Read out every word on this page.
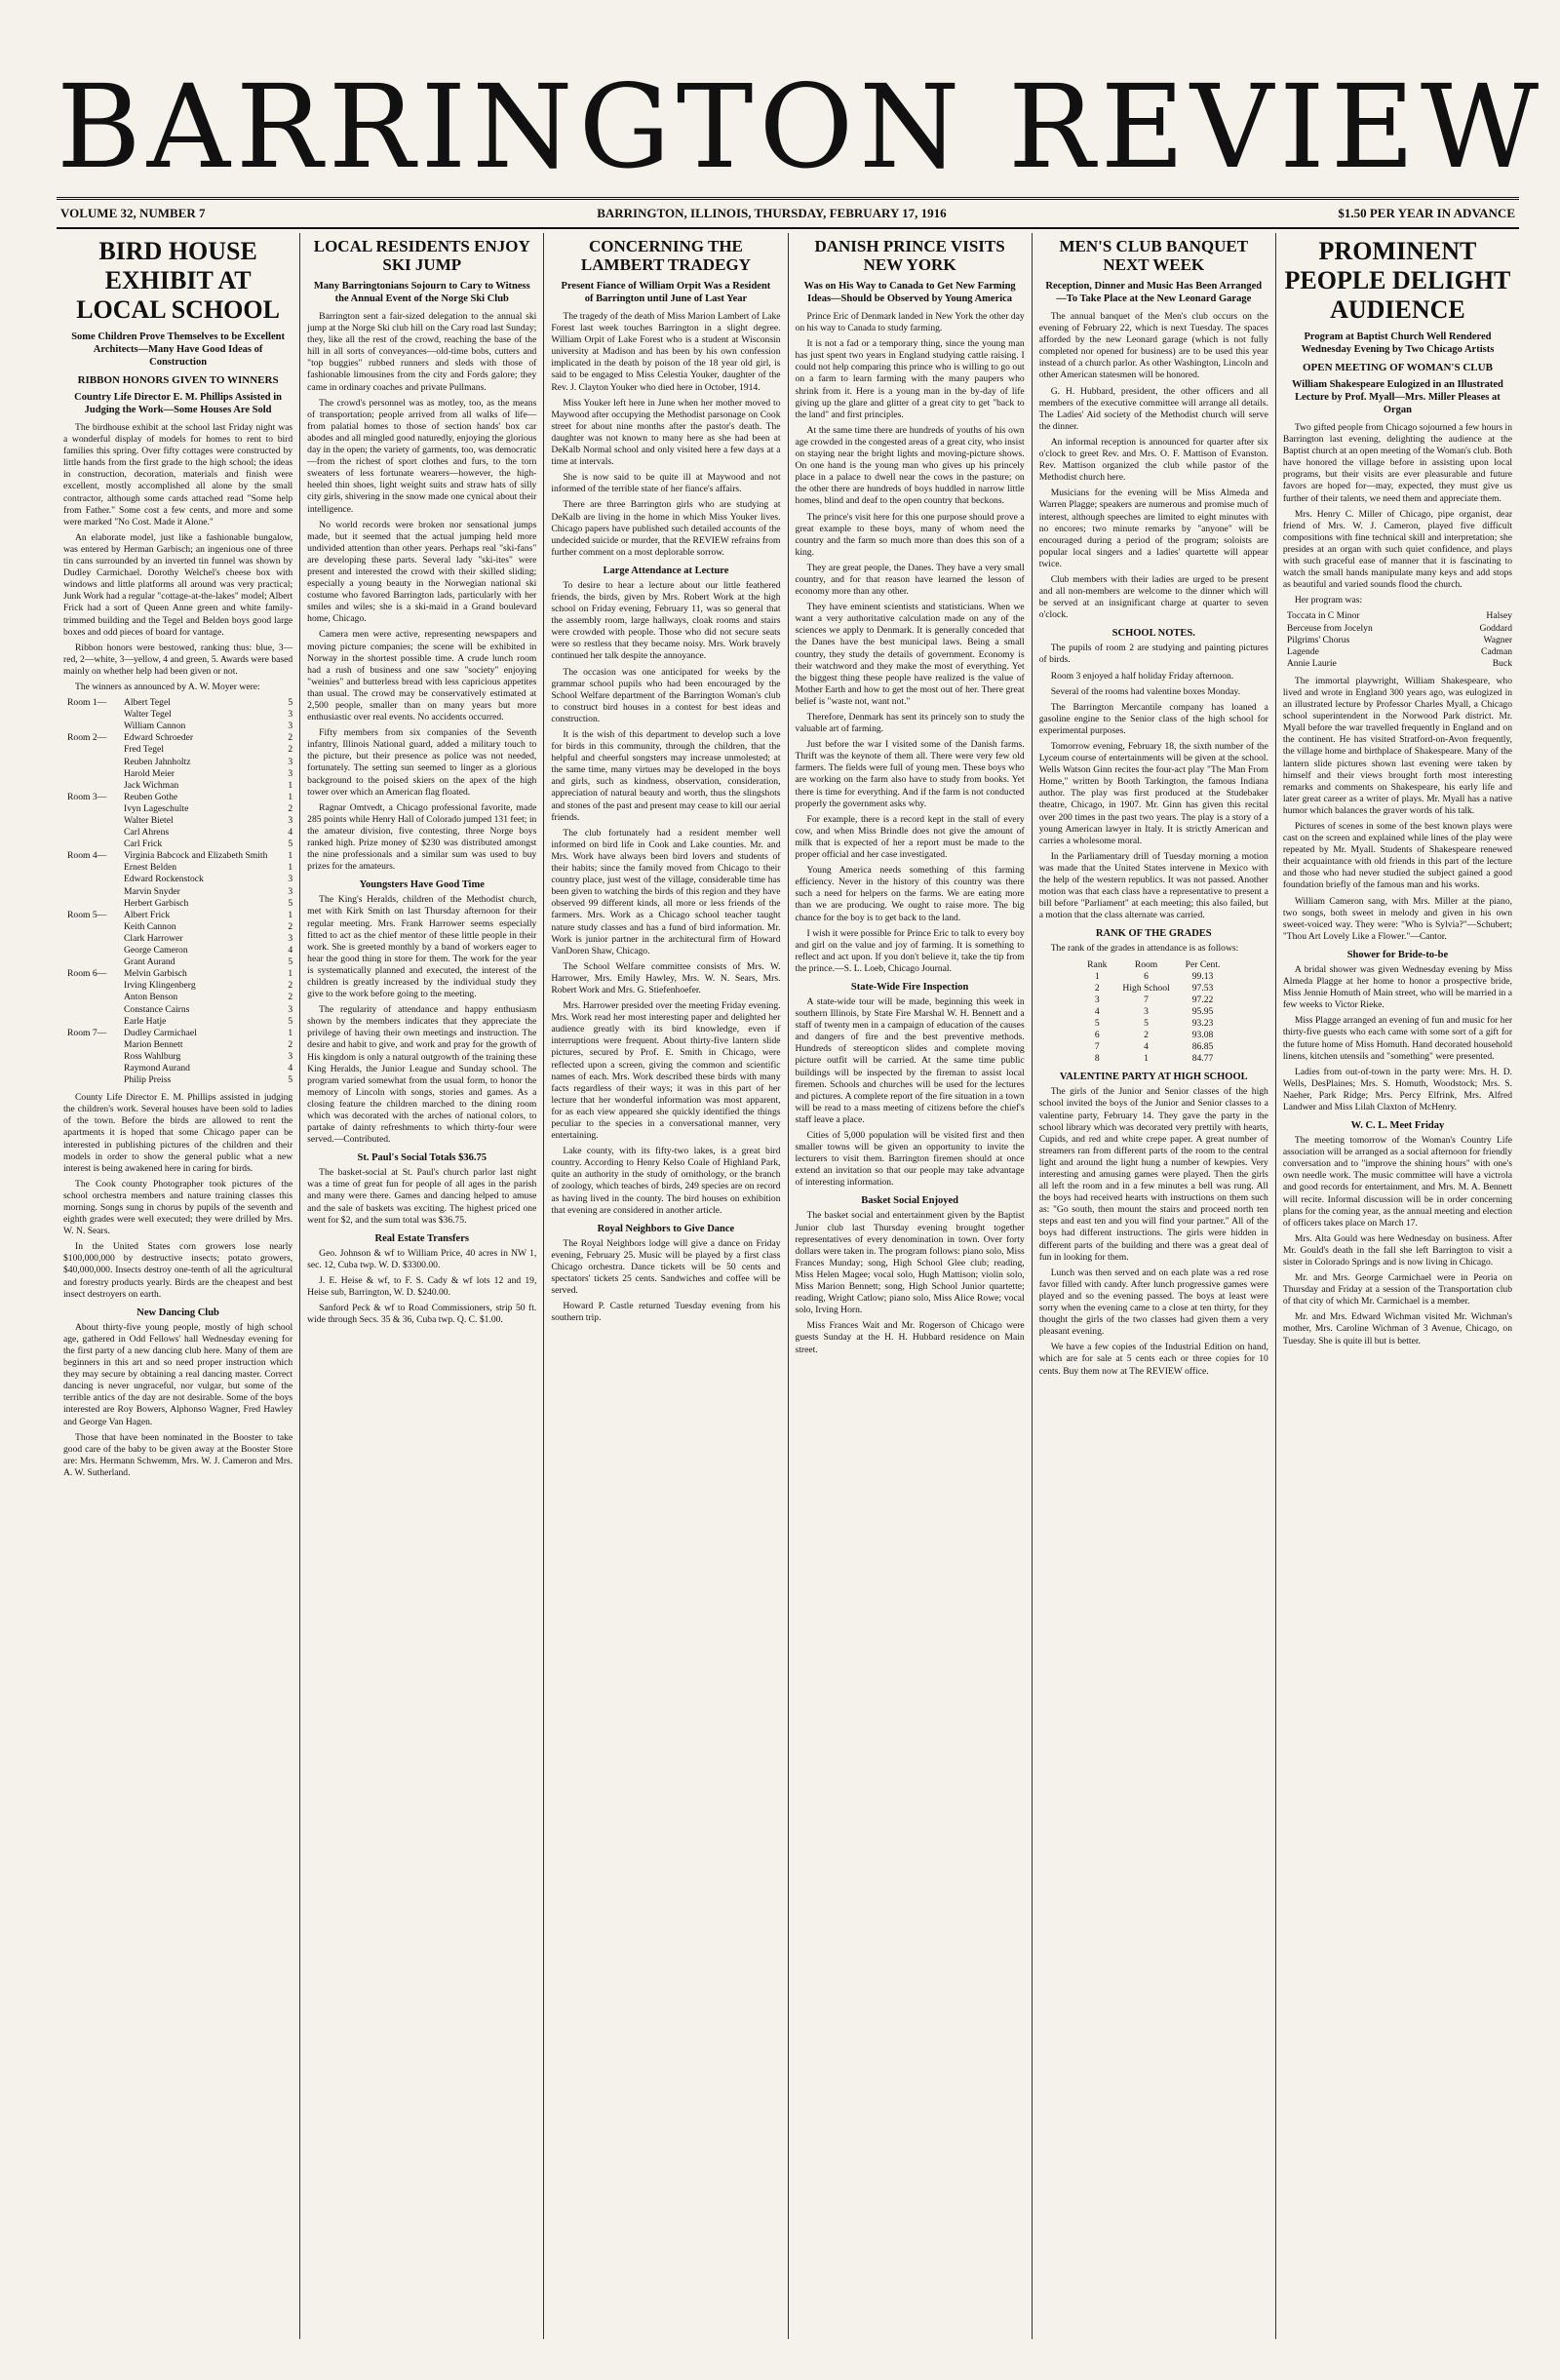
BARRINGTON REVIEW
VOLUME 32, NUMBER 7	BARRINGTON, ILLINOIS, THURSDAY, FEBRUARY 17, 1916	$1.50 PER YEAR IN ADVANCE
BIRD HOUSE EXHIBIT AT LOCAL SCHOOL
Some Children Prove Themselves to be Excellent Architects—Many Have Good Ideas of Construction
RIBBON HONORS GIVEN TO WINNERS
Country Life Director E. M. Phillips Assisted in Judging the Work—Some Houses Are Sold

The birdhouse exhibit at the school last Friday night was a wonderful display of models for homes to rent to bird families this spring. Over fifty cottages were constructed by little hands from the first grade to the high school; the ideas in construction, decoration, materials and finish were excellent, mostly accomplished all alone by the small contractor, although some cards attached read "Some help from Father." Some cost a few cents, and more and some were marked "No Cost. Made it Alone."

An elaborate model, just like a fashionable bungalow, was entered by Herman Garbisch; an ingenious one of three tin cans surrounded by an inverted tin funnel was shown by Dudley Carmichael. Dorothy Welchel's cheese box with windows and little platforms all around was very practical; Junk Work had a regular "cottage-at-the-lakes" model; Albert Frick had a sort of Queen Anne green and white family-trimmed building and the Tegel and Belden boys good large boxes and odd pieces of board for vantage.

Ribbon honors were bestowed, ranking thus: blue, 3—red, 2—white, 3—yellow, 4 and green, 5. Awards were based mainly on whether help had been given or not.

The winners as announced by A. W. Moyer were:

Room 1—	Albert Tegel	5
Walter Tegel	3
William Cannon	3
Room 2—	Edward Schroeder	2
Fred Tegel	2
Reuben Jahnholtz	3
Harold Meier	3
Jack Wichman	1
Room 3—	Reuben Gothe	1
Ivyn Lageschulte	2
Walter Bietel	3
Carl Ahrens	4
Carl Frick	5
Room 4—	Virginia Babcock and Elizabeth Smith	1
Ernest Belden	1
Edward Rockenstock	3
Marvin Snyder	3
Herbert Garbisch	5
Room 5—	Albert Frick	1
Keith Cannon	2
Clark Harrower	3
George Cameron	4
Grant Aurand	5
Room 6—	Melvin Garbisch	1
Irving Klingenberg	2
Anton Benson	2
Constance Cairns	3
Earle Hatje	5
Room 7—	Dudley Carmichael	1
Marion Bennett	2
Ross Wahlburg	3
Raymond Aurand	4
Philip Preiss	5

County Life Director E. M. Phillips assisted in judging the children's work. Several houses have been sold to ladies of the town. Before the birds are allowed to rent the apartments it is hoped that some Chicago paper can be interested in publishing pictures of the children and their models in order to show the general public what a new interest is being awakened here in caring for birds.

The Cook county Photographer took pictures of the school orchestra members and nature training classes this morning. Songs sung in chorus by pupils of the seventh and eighth grades were well executed; they were drilled by Mrs. W. N. Sears.

In the United States corn growers lose nearly $100,000,000 by destructive insects; potato growers, $40,000,000. Insects destroy one-tenth of all the agricultural and forestry products yearly. Birds are the cheapest and best insect destroyers on earth.

New Dancing Club

About thirty-five young people, mostly of high school age, gathered in Odd Fellows' hall Wednesday evening for the first party of a new dancing club here. Many of them are beginners in this art and so need proper instruction which they may secure by obtaining a real dancing master. Correct dancing is never ungraceful, nor vulgar, but some of the terrible antics of the day are not desirable. Some of the boys interested are Roy Bowers, Alphonso Wagner, Fred Hawley and George Van Hagen.

Those that have been nominated in the Booster to take good care of the baby to be given away at the Booster Store are: Mrs. Hermann Schwemm, Mrs. W. J. Cameron and Mrs. A. W. Sutherland.

LOCAL RESIDENTS ENJOY SKI JUMP
Many Barringtonians Sojourn to Cary to Witness the Annual Event of the Norge Ski Club

Barrington sent a fair-sized delegation to the annual ski jump at the Norge Ski club hill on the Cary road last Sunday; they, like all the rest of the crowd, reaching the base of the hill in all sorts of conveyances—old-time bobs, cutters and "top buggies" rubbed runners and sleds with those of fashionable limousines from the city and Fords galore; they came in ordinary coaches and private Pullmans.

The crowd's personnel was as motley, too, as the means of transportation; people arrived from all walks of life—from palatial homes to those of section hands' box car abodes and all mingled good naturedly, enjoying the glorious day in the open; the variety of garments, too, was democratic—from the richest of sport clothes and furs, to the torn sweaters of less fortunate wearers—however, the high-heeled thin shoes, light weight suits and straw hats of silly city girls, shivering in the snow made one cynical about their intelligence.

No world records were broken nor sensational jumps made, but it seemed that the actual jumping held more undivided attention than other years. Perhaps real "ski-fans" are developing these parts. Several lady "ski-ites" were present and interested the crowd with their skilled sliding; especially a young beauty in the Norwegian national ski costume who favored Barrington lads, particularly with her smiles and wiles; she is a ski-maid in a Grand boulevard home, Chicago.

Camera men were active, representing newspapers and moving picture companies; the scene will be exhibited in Norway in the shortest possible time. A crude lunch room had a rush of business and one saw "society" enjoying "weinies" and butterless bread with less capricious appetites than usual. The crowd may be conservatively estimated at 2,500 people, smaller than on many years but more enthusiastic over real events. No accidents occurred.

Fifty members from six companies of the Seventh infantry, Illinois National guard, added a military touch to the picture, but their presence as police was not needed, fortunately. The setting sun seemed to linger as a glorious background to the poised skiers on the apex of the high tower over which an American flag floated.

Ragnar Omtvedt, a Chicago professional favorite, made 285 points while Henry Hall of Colorado jumped 131 feet; in the amateur division, five contesting, three Norge boys ranked high. Prize money of $230 was distributed amongst the nine professionals and a similar sum was used to buy prizes for the amateurs.

Youngsters Have Good Time

The King's Heralds, children of the Methodist church, met with Kirk Smith on last Thursday afternoon for their regular meeting. Mrs. Frank Harrower seems especially fitted to act as the chief mentor of these little people in their work. She is greeted monthly by a band of workers eager to hear the good thing in store for them. The work for the year is systematically planned and executed, the interest of the children is greatly increased by the individual study they give to the work before going to the meeting.

The regularity of attendance and happy enthusiasm shown by the members indicates that they appreciate the privilege of having their own meetings and instruction. The desire and habit to give, and work and pray for the growth of His kingdom is only a natural outgrowth of the training these King Heralds, the Junior League and Sunday school. The program varied somewhat from the usual form, to honor the memory of Lincoln with songs, stories and games. As a closing feature the children marched to the dining room which was decorated with the arches of national colors, to partake of dainty refreshments to which thirty-four were served.—Contributed.

St. Paul's Social Totals $36.75

The basket-social at St. Paul's church parlor last night was a time of great fun for people of all ages in the parish and many were there. Games and dancing helped to amuse and the sale of baskets was exciting. The highest priced one went for $2, and the sum total was $36.75.

Real Estate Transfers

Geo. Johnson & wf to William Price, 40 acres in NW 1, sec. 12, Cuba twp. W. D. $3300.00.

J. E. Heise & wf, to F. S. Cady & wf lots 12 and 19, Heise sub, Barrington, W. D. $240.00.

Sanford Peck & wf to Road Commissioners, strip 50 ft. wide through Secs. 35 & 36, Cuba twp. Q. C. $1.00.

CONCERNING THE LAMBERT TRADEGY
Present Fiance of William Orpit Was a Resident of Barrington until June of Last Year

The tragedy of the death of Miss Marion Lambert of Lake Forest last week touches Barrington in a slight degree. William Orpit of Lake Forest who is a student at Wisconsin university at Madison and has been by his own confession implicated in the death by poison of the 18 year old girl, is said to be engaged to Miss Celestia Youker, daughter of the Rev. J. Clayton Youker who died here in October, 1914.

Miss Youker left here in June when her mother moved to Maywood after occupying the Methodist parsonage on Cook street for about nine months after the pastor's death. The daughter was not known to many here as she had been at DeKalb Normal school and only visited here a few days at a time at intervals.

She is now said to be quite ill at Maywood and not informed of the terrible state of her fiance's affairs.

There are three Barrington girls who are studying at DeKalb are living in the home in which Miss Youker lives. Chicago papers have published such detailed accounts of the undecided suicide or murder, that the REVIEW refrains from further comment on a most deplorable sorrow.

Large Attendance at Lecture

To desire to hear a lecture about our little feathered friends, the birds, given by Mrs. Robert Work at the high school on Friday evening, February 11, was so general that the assembly room, large hallways, cloak rooms and stairs were crowded with people. Those who did not secure seats were so restless that they became noisy. Mrs. Work bravely continued her talk despite the annoyance.

The occasion was one anticipated for weeks by the grammar school pupils who had been encouraged by the School Welfare department of the Barrington Woman's club to construct bird houses in a contest for best ideas and construction.

It is the wish of this department to develop such a love for birds in this community, through the children, that the helpful and cheerful songsters may increase unmolested; at the same time, many virtues may be developed in the boys and girls, such as kindness, observation, consideration, appreciation of natural beauty and worth, thus the slingshots and stones of the past and present may cease to kill our aerial friends.

The club fortunately had a resident member well informed on bird life in Cook and Lake counties. Mr. and Mrs. Work have always been bird lovers and students of their habits; since the family moved from Chicago to their country place, just west of the village, considerable time has been given to watching the birds of this region and they have observed 99 different kinds, all more or less friends of the farmers. Mrs. Work as a Chicago school teacher taught nature study classes and has a fund of bird information. Mr. Work is junior partner in the architectural firm of Howard VanDoren Shaw, Chicago.

The School Welfare committee consists of Mrs. W. Harrower, Mrs. Emily Hawley, Mrs. W. N. Sears, Mrs. Robert Work and Mrs. G. Stiefenhoefer.

Mrs. Harrower presided over the meeting Friday evening. Mrs. Work read her most interesting paper and delighted her audience greatly with its bird knowledge, even if interruptions were frequent. About thirty-five lantern slide pictures, secured by Prof. E. Smith in Chicago, were reflected upon a screen, giving the common and scientific names of each. Mrs. Work described these birds with many facts regardless of their ways; it was in this part of her lecture that her wonderful information was most apparent, for as each view appeared she quickly identified the things peculiar to the species in a conversational manner, very entertaining.

Lake county, with its fifty-two lakes, is a great bird country. According to Henry Kelso Coale of Highland Park, quite an authority in the study of ornithology, or the branch of zoology, which teaches of birds, 249 species are on record as having lived in the county. The bird houses on exhibition that evening are considered in another article.

Royal Neighbors to Give Dance

The Royal Neighbors lodge will give a dance on Friday evening, February 25. Music will be played by a first class Chicago orchestra. Dance tickets will be 50 cents and spectators' tickets 25 cents. Sandwiches and coffee will be served.

Howard P. Castle returned Tuesday evening from his southern trip.

DANISH PRINCE VISITS NEW YORK
Was on His Way to Canada to Get New Farming Ideas—Should be Observed by Young America

Prince Eric of Denmark landed in New York the other day on his way to Canada to study farming.

It is not a fad or a temporary thing, since the young man has just spent two years in England studying cattle raising. I could not help comparing this prince who is willing to go out on a farm to learn farming with the many paupers who shrink from it. Here is a young man in the by-day of life giving up the glare and glitter of a great city to get "back to the land" and first principles.

At the same time there are hundreds of youths of his own age crowded in the congested areas of a great city, who insist on staying near the bright lights and moving-picture shows. On one hand is the young man who gives up his princely place in a palace to dwell near the cows in the pasture; on the other there are hundreds of boys huddled in narrow little homes, blind and deaf to the open country that beckons.

The prince's visit here for this one purpose should prove a great example to these boys, many of whom need the country and the farm so much more than does this son of a king.

They are great people, the Danes. They have a very small country, and for that reason have learned the lesson of economy more than any other.

They have eminent scientists and statisticians. When we want a very authoritative calculation made on any of the sciences we apply to Denmark. It is generally conceded that the Danes have the best municipal laws. Being a small country, they study the details of government. Economy is their watchword and they make the most of everything. Yet the biggest thing these people have realized is the value of Mother Earth and how to get the most out of her. There great belief is "waste not, want not."

Therefore, Denmark has sent its princely son to study the valuable art of farming.

Just before the war I visited some of the Danish farms. Thrift was the keynote of them all. There were very few old farmers. The fields were full of young men. These boys who are working on the farm also have to study from books. Yet there is time for everything. And if the farm is not conducted properly the government asks why.

For example, there is a record kept in the stall of every cow, and when Miss Brindle does not give the amount of milk that is expected of her a report must be made to the proper official and her case investigated.

Young America needs something of this farming efficiency. Never in the history of this country was there such a need for helpers on the farms. We are eating more than we are producing. We ought to raise more. The big chance for the boy is to get back to the land.

I wish it were possible for Prince Eric to talk to every boy and girl on the value and joy of farming. It is something to reflect and act upon. If you don't believe it, take the tip from the prince.—S. L. Loeb, Chicago Journal.

State-Wide Fire Inspection

A state-wide tour will be made, beginning this week in southern Illinois, by State Fire Marshal W. H. Bennett and a staff of twenty men in a campaign of education of the causes and dangers of fire and the best preventive methods. Hundreds of stereopticon slides and complete moving picture outfit will be carried. At the same time public buildings will be inspected by the fireman to assist local firemen. Schools and churches will be used for the lectures and pictures. A complete report of the fire situation in a town will be read to a mass meeting of citizens before the chief's staff leave a place.

Cities of 5,000 population will be visited first and then smaller towns will be given an opportunity to invite the lecturers to visit them. Barrington firemen should at once extend an invitation so that our people may take advantage of interesting information.

Basket Social Enjoyed

The basket social and entertainment given by the Baptist Junior club last Thursday evening brought together representatives of every denomination in town. Over forty dollars were taken in. The program follows: piano solo, Miss Frances Munday; song, High School Glee club; reading, Miss Helen Magee; vocal solo, Hugh Mattison; violin solo, Miss Marion Bennett; song, High School Junior quartette; reading, Wright Catlow; piano solo, Miss Alice Rowe; vocal solo, Irving Horn.

Miss Frances Wait and Mr. Rogerson of Chicago were guests Sunday at the H. H. Hubbard residence on Main street.

MEN'S CLUB BANQUET NEXT WEEK
Reception, Dinner and Music Has Been Arranged—To Take Place at the New Leonard Garage

The annual banquet of the Men's club occurs on the evening of February 22, which is next Tuesday. The spaces afforded by the new Leonard garage (which is not fully completed nor opened for business) are to be used this year instead of a church parlor. As other Washington, Lincoln and other American statesmen will be honored.

G. H. Hubbard, president, the other officers and all members of the executive committee will arrange all details. The Ladies' Aid society of the Methodist church will serve the dinner.

An informal reception is announced for quarter after six o'clock to greet Rev. and Mrs. O. F. Mattison of Evanston. Rev. Mattison organized the club while pastor of the Methodist church here.

Musicians for the evening will be Miss Almeda and Warren Plagge; speakers are numerous and promise much of interest, although speeches are limited to eight minutes with no encores; two minute remarks by "anyone" will be encouraged during a period of the program; soloists are popular local singers and a ladies' quartette will appear twice.

Club members with their ladies are urged to be present and all non-members are welcome to the dinner which will be served at an insignificant charge at quarter to seven o'clock.

SCHOOL NOTES.

The pupils of room 2 are studying and painting pictures of birds.

Room 3 enjoyed a half holiday Friday afternoon.

Several of the rooms had valentine boxes Monday.

The Barrington Mercantile company has loaned a gasoline engine to the Senior class of the high school for experimental purposes.

Tomorrow evening, February 18, the sixth number of the Lyceum course of entertainments will be given at the school. Wells Watson Ginn recites the four-act play "The Man From Home," written by Booth Tarkington, the famous Indiana author. The play was first produced at the Studebaker theatre, Chicago, in 1907. Mr. Ginn has given this recital over 200 times in the past two years. The play is a story of a young American lawyer in Italy. It is strictly American and carries a wholesome moral.

In the Parliamentary drill of Tuesday morning a motion was made that the United States intervene in Mexico with the help of the western republics. It was not passed. Another motion was that each class have a representative to present a bill before "Parliament" at each meeting; this also failed, but a motion that the class alternate was carried.

RANK OF THE GRADES

The rank of the grades in attendance is as follows:

Rank	Room	Per Cent.
1	6	99.13
2	High School	97.53
3	7	97.22
4	3	95.95
5	5	93.23
6	2	93.08
7	4	86.85
8	1	84.77
VALENTINE PARTY AT HIGH SCHOOL

The girls of the Junior and Senior classes of the high school invited the boys of the Junior and Senior classes to a valentine party, February 14. They gave the party in the school library which was decorated very prettily with hearts, Cupids, and red and white crepe paper. A great number of streamers ran from different parts of the room to the central light and around the light hung a number of kewpies. Very interesting and amusing games were played. Then the girls all left the room and in a few minutes a bell was rung. All the boys had received hearts with instructions on them such as: "Go south, then mount the stairs and proceed north ten steps and east ten and you will find your partner." All of the boys had different instructions. The girls were hidden in different parts of the building and there was a great deal of fun in looking for them.

Lunch was then served and on each plate was a red rose favor filled with candy. After lunch progressive games were played and so the evening passed. The boys at least were sorry when the evening came to a close at ten thirty, for they thought the girls of the two classes had given them a very pleasant evening.

We have a few copies of the Industrial Edition on hand, which are for sale at 5 cents each or three copies for 10 cents. Buy them now at The REVIEW office.

PROMINENT PEOPLE DELIGHT AUDIENCE
Program at Baptist Church Well Rendered Wednesday Evening by Two Chicago Artists
OPEN MEETING OF WOMAN'S CLUB
William Shakespeare Eulogized in an Illustrated Lecture by Prof. Myall—Mrs. Miller Pleases at Organ

Two gifted people from Chicago sojourned a few hours in Barrington last evening, delighting the audience at the Baptist church at an open meeting of the Woman's club. Both have honored the village before in assisting upon local programs, but their visits are ever pleasurable and future favors are hoped for—may, expected, they must give us further of their talents, we need them and appreciate them.

Mrs. Henry C. Miller of Chicago, pipe organist, dear friend of Mrs. W. J. Cameron, played five difficult compositions with fine technical skill and interpretation; she presides at an organ with such quiet confidence, and plays with such graceful ease of manner that it is fascinating to watch the small hands manipulate many keys and add stops as beautiful and varied sounds flood the church.

Her program was:

Toccata in C Minor	Halsey
Berceuse from Jocelyn	Goddard
Pilgrims' Chorus	Wagner
Lagende	Cadman
Annie Laurie	Buck

The immortal playwright, William Shakespeare, who lived and wrote in England 300 years ago, was eulogized in an illustrated lecture by Professor Charles Myall, a Chicago school superintendent in the Norwood Park district. Mr. Myall before the war travelled frequently in England and on the continent. He has visited Stratford-on-Avon frequently, the village home and birthplace of Shakespeare. Many of the lantern slide pictures shown last evening were taken by himself and their views brought forth most interesting remarks and comments on Shakespeare, his early life and later great career as a writer of plays. Mr. Myall has a native humor which balances the graver words of his talk.

Pictures of scenes in some of the best known plays were cast on the screen and explained while lines of the play were repeated by Mr. Myall. Students of Shakespeare renewed their acquaintance with old friends in this part of the lecture and those who had never studied the subject gained a good foundation briefly of the famous man and his works.

William Cameron sang, with Mrs. Miller at the piano, two songs, both sweet in melody and given in his own sweet-voiced way. They were: "Who is Sylvia?"—Schubert; "Thou Art Lovely Like a Flower."—Cantor.

Shower for Bride-to-be

A bridal shower was given Wednesday evening by Miss Almeda Plagge at her home to honor a prospective bride, Miss Jennie Homuth of Main street, who will be married in a few weeks to Victor Rieke.

Miss Plagge arranged an evening of fun and music for her thirty-five guests who each came with some sort of a gift for the future home of Miss Homuth. Hand decorated household linens, kitchen utensils and "something" were presented.

Ladies from out-of-town in the party were: Mrs. H. D. Wells, DesPlaines; Mrs. S. Homuth, Woodstock; Mrs. S. Naeher, Park Ridge; Mrs. Percy Elfrink, Mrs. Alfred Landwer and Miss Lilah Claxton of McHenry.

W. C. L. Meet Friday

The meeting tomorrow of the Woman's Country Life association will be arranged as a social afternoon for friendly conversation and to "improve the shining hours" with one's own needle work. The music committee will have a victrola and good records for entertainment, and Mrs. M. A. Bennett will recite. Informal discussion will be in order concerning plans for the coming year, as the annual meeting and election of officers takes place on March 17.

Mrs. Alta Gould was here Wednesday on business. After Mr. Gould's death in the fall she left Barrington to visit a sister in Colorado Springs and is now living in Chicago.

Mr. and Mrs. George Carmichael were in Peoria on Thursday and Friday at a session of the Transportation club of that city of which Mr. Carmichael is a member.

Mr. and Mrs. Edward Wichman visited Mr. Wichman's mother, Mrs. Caroline Wichman of 3 Avenue, Chicago, on Tuesday. She is quite ill but is better.
